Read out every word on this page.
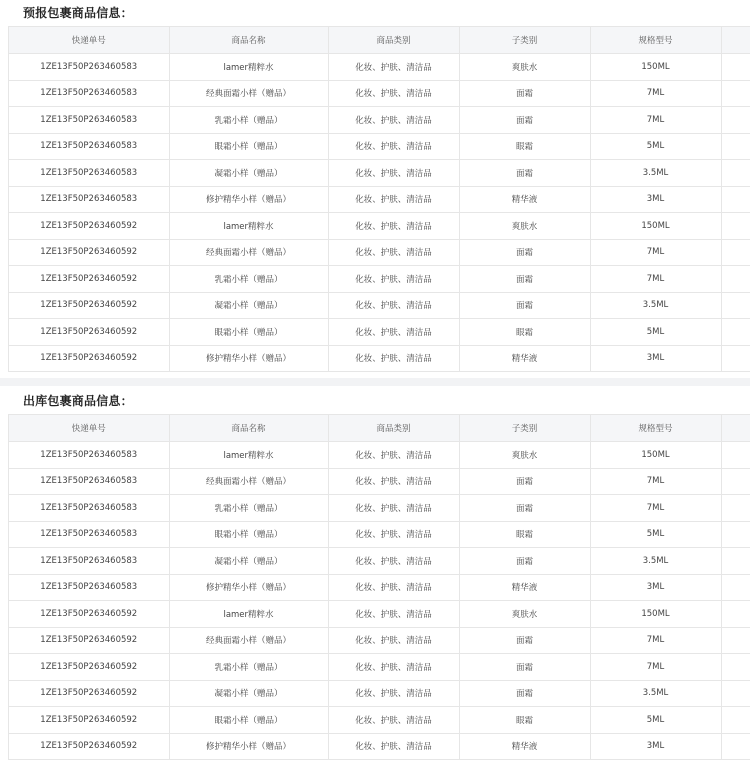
预报包裹商品信息：
快递单号	商品名称	商品类别	子类别	规格型号	
1ZE13F50P263460583	lamer精粹水	化妆、护肤、清洁品	爽肤水	150ML	
1ZE13F50P263460583	经典面霜小样（赠品）	化妆、护肤、清洁品	面霜	7ML	
1ZE13F50P263460583	乳霜小样（赠品）	化妆、护肤、清洁品	面霜	7ML	
1ZE13F50P263460583	眼霜小样（赠品）	化妆、护肤、清洁品	眼霜	5ML	
1ZE13F50P263460583	凝霜小样（赠品）	化妆、护肤、清洁品	面霜	3.5ML	
1ZE13F50P263460583	修护精华小样（赠品）	化妆、护肤、清洁品	精华液	3ML	
1ZE13F50P263460592	lamer精粹水	化妆、护肤、清洁品	爽肤水	150ML	
1ZE13F50P263460592	经典面霜小样（赠品）	化妆、护肤、清洁品	面霜	7ML	
1ZE13F50P263460592	乳霜小样（赠品）	化妆、护肤、清洁品	面霜	7ML	
1ZE13F50P263460592	凝霜小样（赠品）	化妆、护肤、清洁品	面霜	3.5ML	
1ZE13F50P263460592	眼霜小样（赠品）	化妆、护肤、清洁品	眼霜	5ML	
1ZE13F50P263460592	修护精华小样（赠品）	化妆、护肤、清洁品	精华液	3ML	
出库包裹商品信息：
快递单号	商品名称	商品类别	子类别	规格型号	
1ZE13F50P263460583	lamer精粹水	化妆、护肤、清洁品	爽肤水	150ML	
1ZE13F50P263460583	经典面霜小样（赠品）	化妆、护肤、清洁品	面霜	7ML	
1ZE13F50P263460583	乳霜小样（赠品）	化妆、护肤、清洁品	面霜	7ML	
1ZE13F50P263460583	眼霜小样（赠品）	化妆、护肤、清洁品	眼霜	5ML	
1ZE13F50P263460583	凝霜小样（赠品）	化妆、护肤、清洁品	面霜	3.5ML	
1ZE13F50P263460583	修护精华小样（赠品）	化妆、护肤、清洁品	精华液	3ML	
1ZE13F50P263460592	lamer精粹水	化妆、护肤、清洁品	爽肤水	150ML	
1ZE13F50P263460592	经典面霜小样（赠品）	化妆、护肤、清洁品	面霜	7ML	
1ZE13F50P263460592	乳霜小样（赠品）	化妆、护肤、清洁品	面霜	7ML	
1ZE13F50P263460592	凝霜小样（赠品）	化妆、护肤、清洁品	面霜	3.5ML	
1ZE13F50P263460592	眼霜小样（赠品）	化妆、护肤、清洁品	眼霜	5ML	
1ZE13F50P263460592	修护精华小样（赠品）	化妆、护肤、清洁品	精华液	3ML	
